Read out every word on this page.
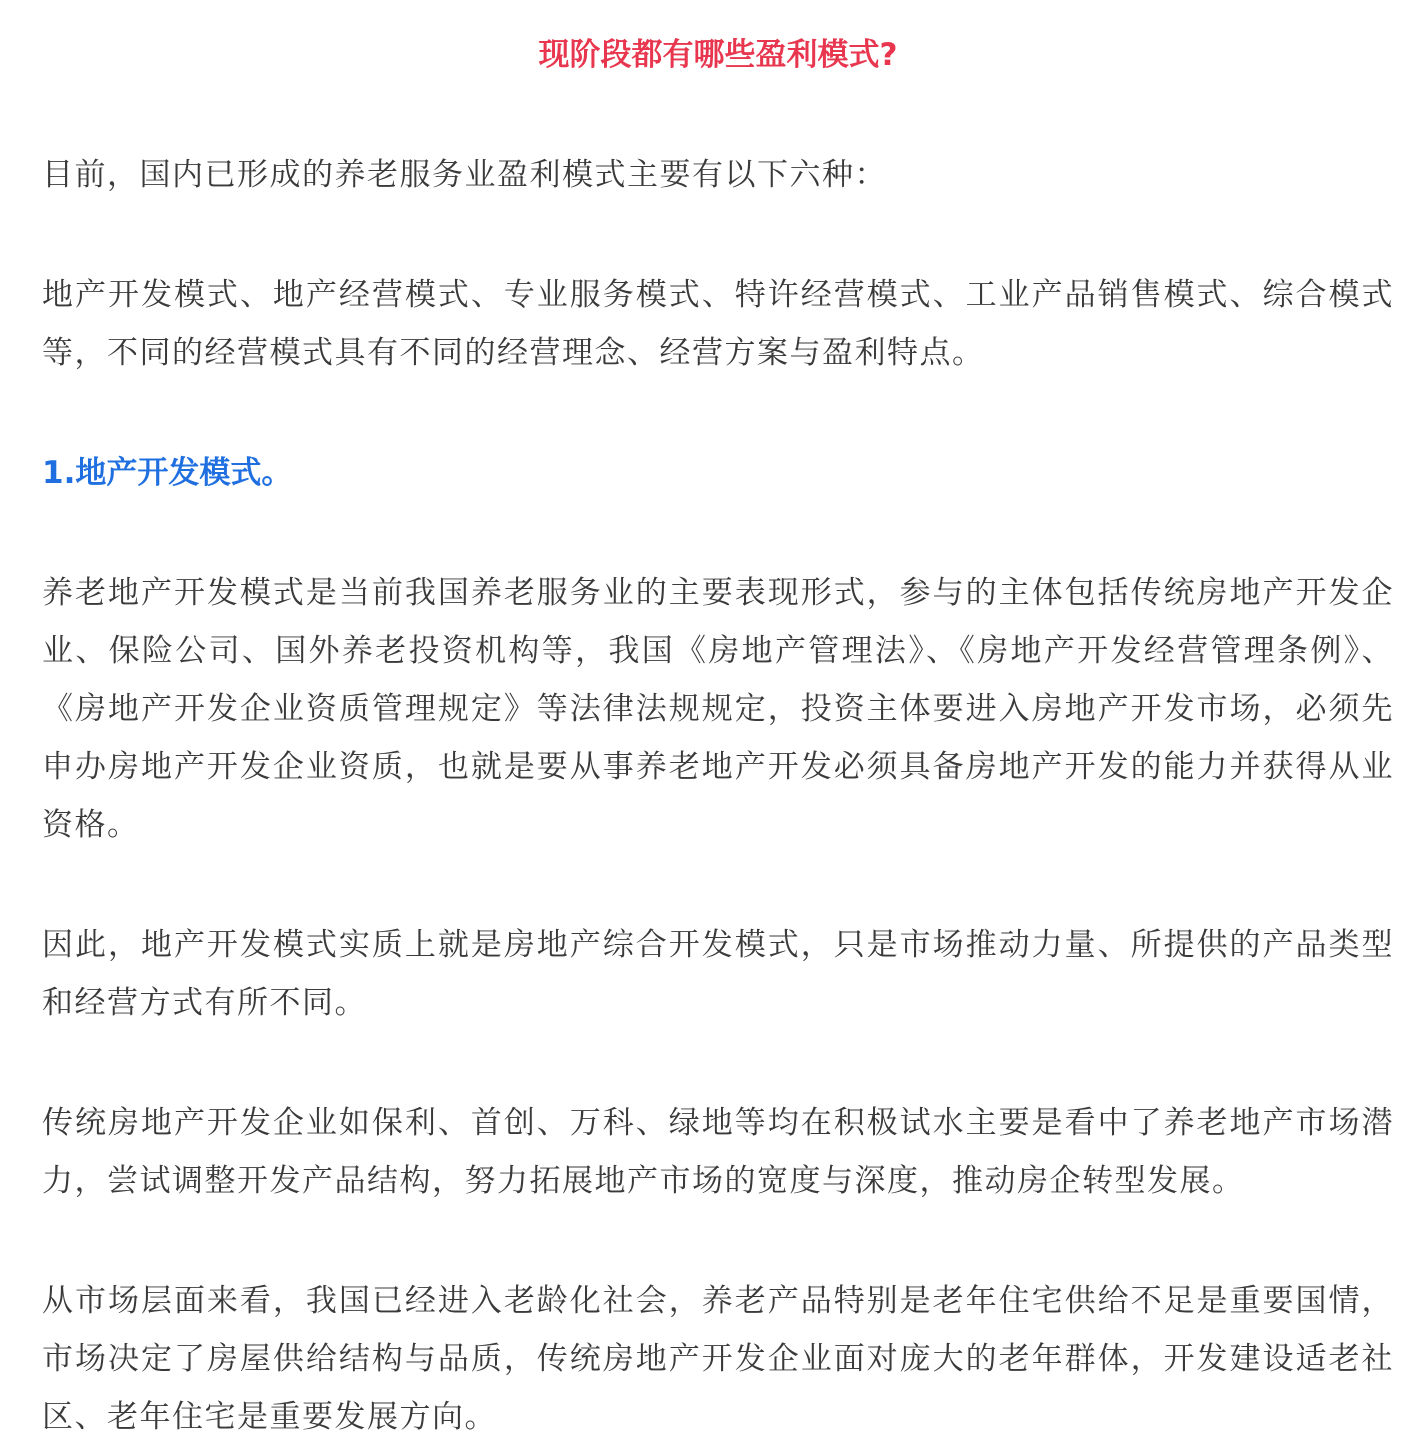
现阶段都有哪些盈利模式?

目前，国内已形成的养老服务业盈利模式主要有以下六种：

地产开发模式、地产经营模式、专业服务模式、特许经营模式、工业产品销售模式、综合模式等，不同的经营模式具有不同的经营理念、经营方案与盈利特点。

1.地产开发模式。

养老地产开发模式是当前我国养老服务业的主要表现形式，参与的主体包括传统房地产开发企业、保险公司、国外养老投资机构等，我国《房地产管理法》、《房地产开发经营管理条例》、《房地产开发企业资质管理规定》等法律法规规定，投资主体要进入房地产开发市场，必须先申办房地产开发企业资质，也就是要从事养老地产开发必须具备房地产开发的能力并获得从业资格。

因此，地产开发模式实质上就是房地产综合开发模式，只是市场推动力量、所提供的产品类型和经营方式有所不同。

传统房地产开发企业如保利、首创、万科、绿地等均在积极试水主要是看中了养老地产市场潜力，尝试调整开发产品结构，努力拓展地产市场的宽度与深度，推动房企转型发展。

从市场层面来看，我国已经进入老龄化社会，养老产品特别是老年住宅供给不足是重要国情，市场决定了房屋供给结构与品质，传统房地产开发企业面对庞大的老年群体，开发建设适老社区、老年住宅是重要发展方向。
